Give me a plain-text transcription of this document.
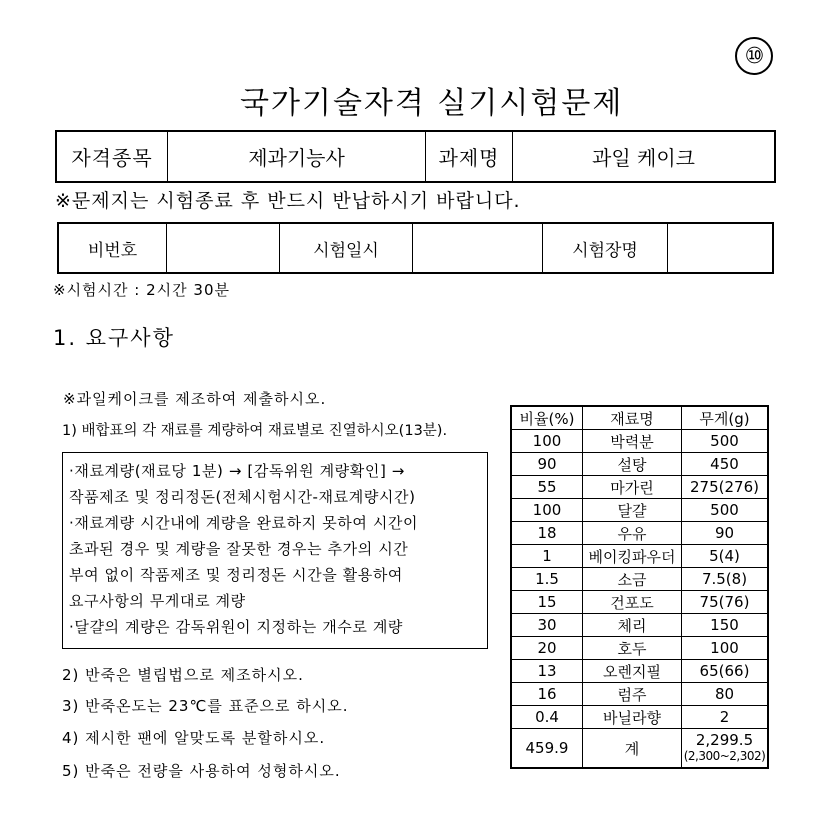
⑩
국가기술자격 실기시험문제
자격종목	제과기능사	과제명	과일 케이크
※문제지는 시험종료 후 반드시 반납하시기 바랍니다.
비번호		시험일시		시험장명	
※시험시간 : 2시간 30분
1. 요구사항
※과일케이크를 제조하여 제출하시오.
1) 배합표의 각 재료를 계량하여 재료별로 진열하시오(13분).
·재료계량(재료당 1분) → [감독위원 계량확인] →
작품제조 및 정리정돈(전체시험시간-재료계량시간)
·재료계량 시간내에 계량을 완료하지 못하여 시간이
초과된 경우 및 계량을 잘못한 경우는 추가의 시간
부여 없이 작품제조 및 정리정돈 시간을 활용하여
요구사항의 무게대로 계량
·달걀의 계량은 감독위원이 지정하는 개수로 계량
2) 반죽은 별립법으로 제조하시오.
3) 반죽온도는 23℃를 표준으로 하시오.
4) 제시한 팬에 알맞도록 분할하시오.
5) 반죽은 전량을 사용하여 성형하시오.
비율(%)	재료명	무게(g)
100	박력분	500
90	설탕	450
55	마가린	275(276)
100	달걀	500
18	우유	90
1	베이킹파우더	5(4)
1.5	소금	7.5(8)
15	건포도	75(76)
30	체리	150
20	호두	100
13	오렌지필	65(66)
16	럼주	80
0.4	바닐라향	2
459.9	계	2,299.5
(2,300~2,302)
